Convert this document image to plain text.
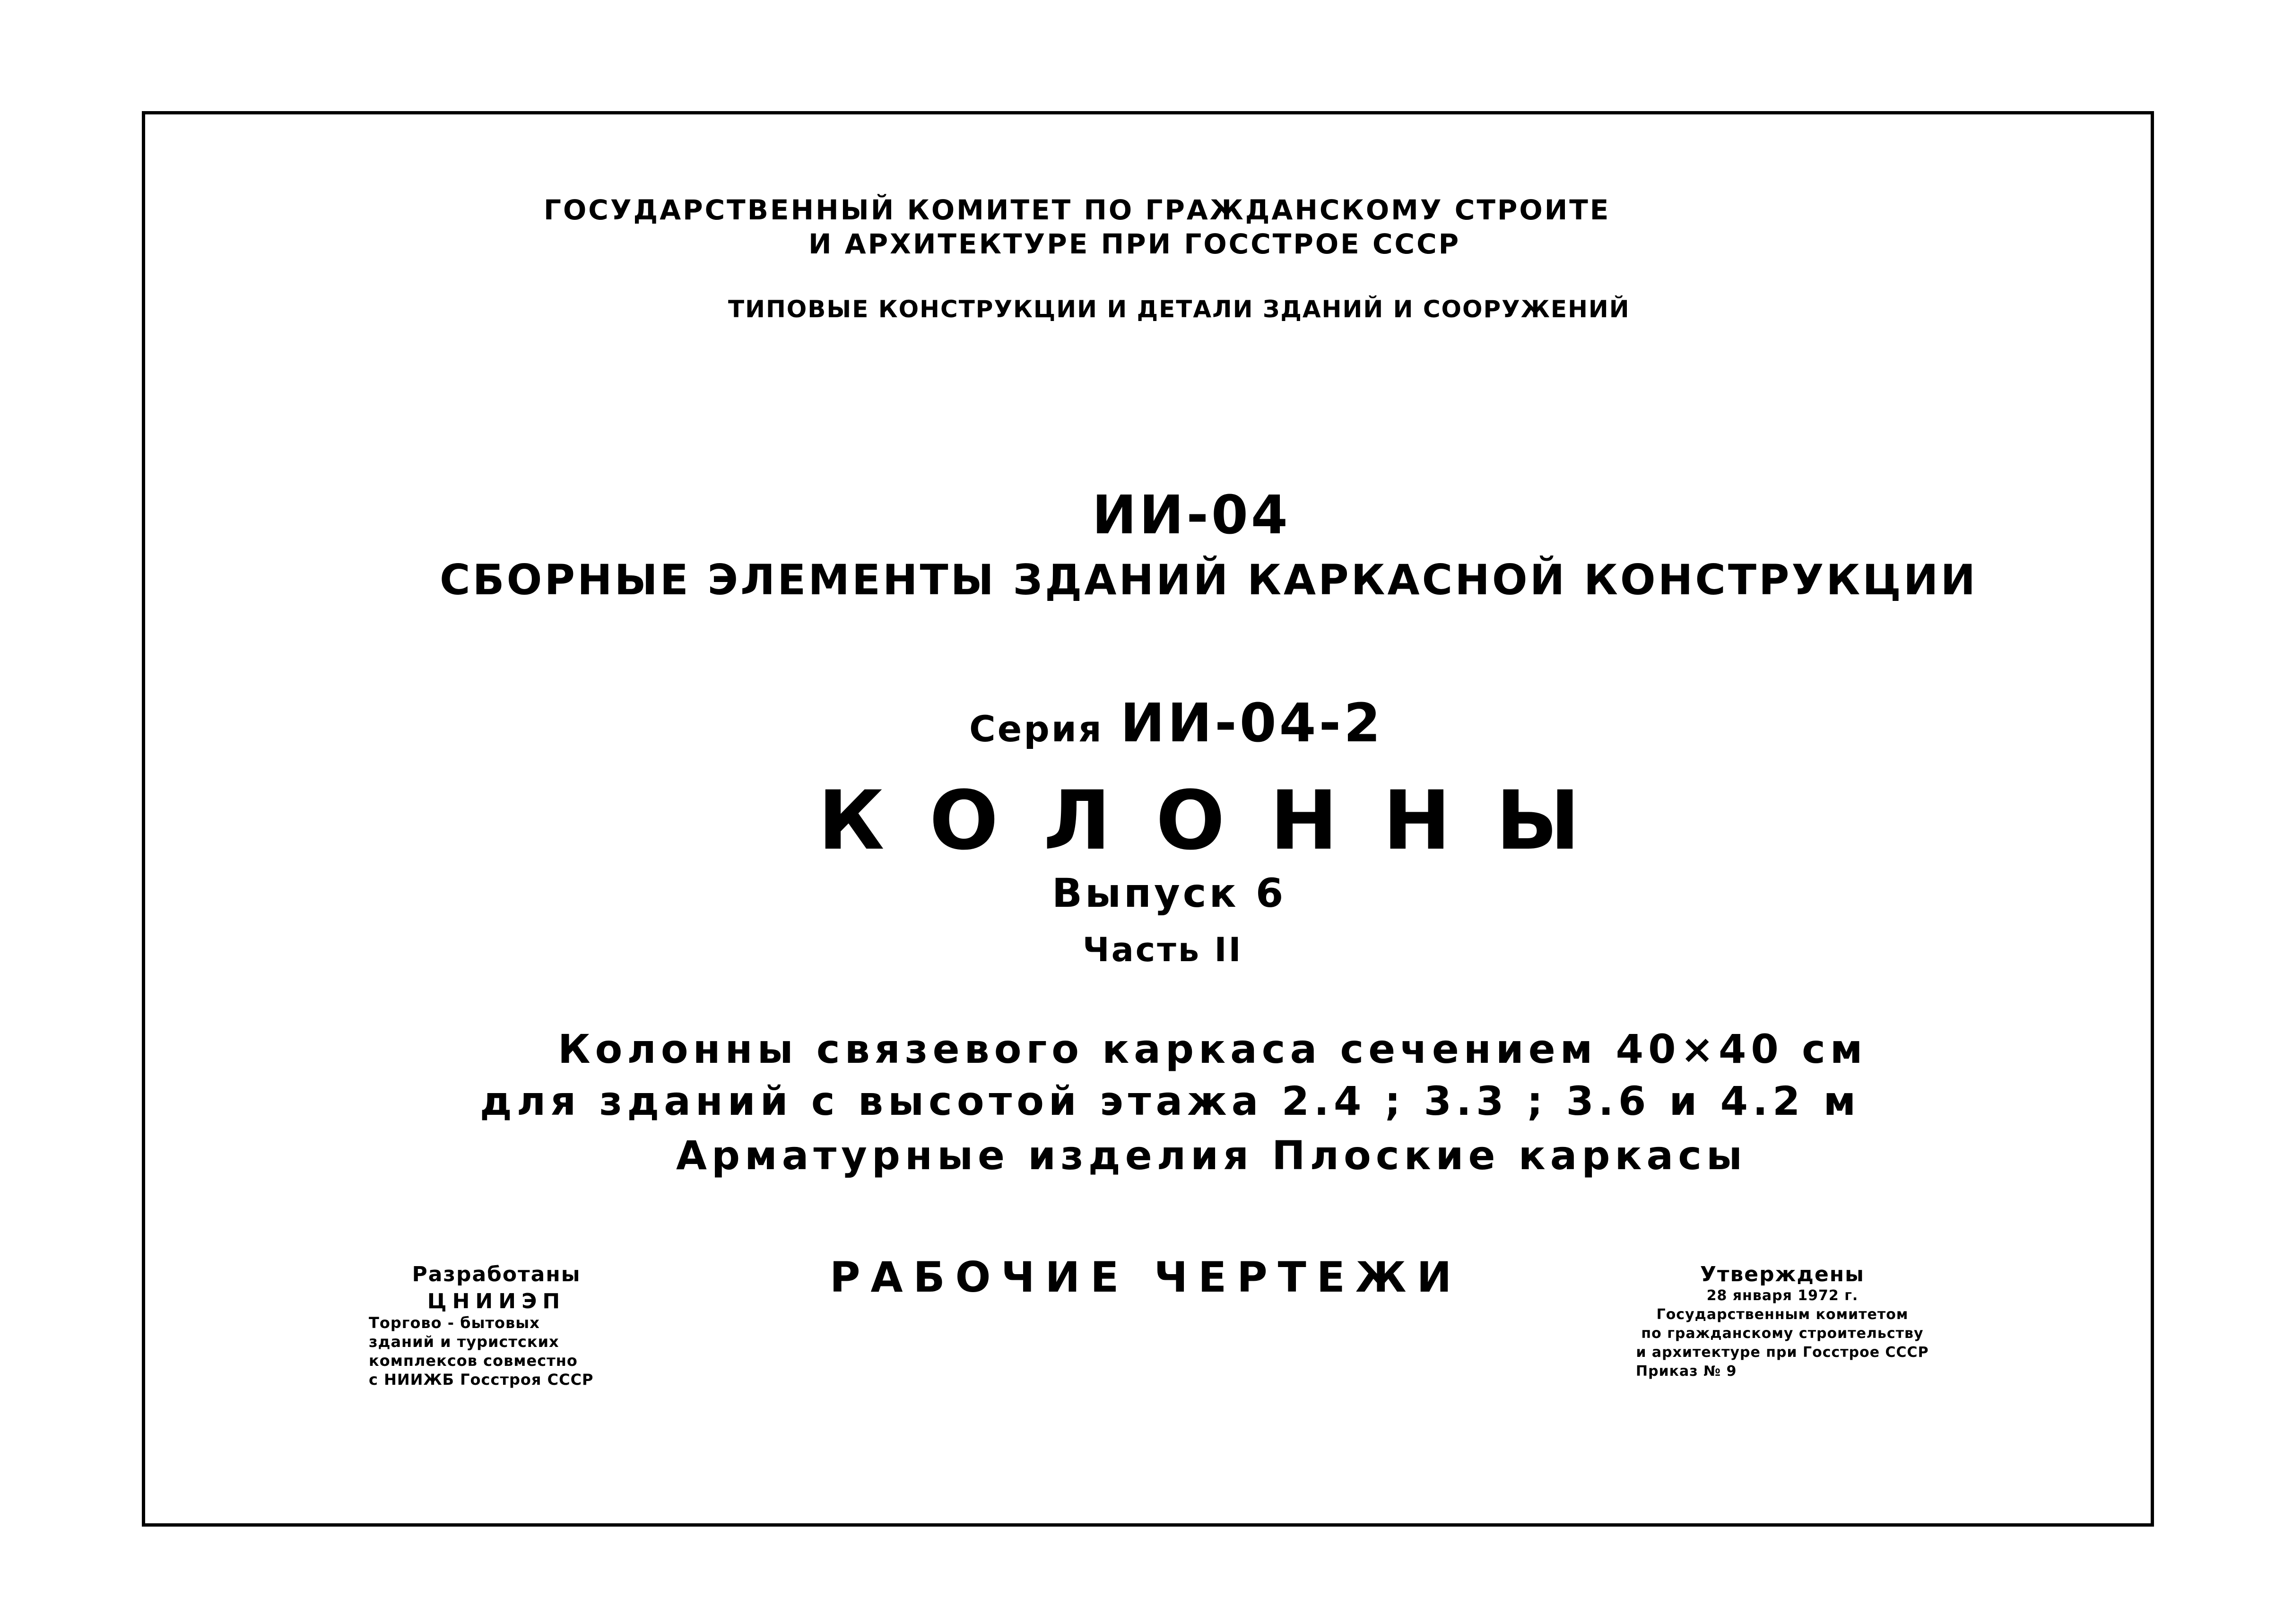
ГОСУДАРСТВЕННЫЙ КОМИТЕТ ПО ГРАЖДАНСКОМУ СТРОИТЕ
И АРХИТЕКТУРЕ ПРИ ГОССТРОЕ СССР
ТИПОВЫЕ КОНСТРУКЦИИ И ДЕТАЛИ ЗДАНИЙ И СООРУЖЕНИЙ
ИИ-04
СБОРНЫЕ ЭЛЕМЕНТЫ ЗДАНИЙ КАРКАСНОЙ КОНСТРУКЦИИ
Серия ИИ-04-2
КОЛОННЫ
Выпуск 6
Часть II
Колонны связевого каркаса сечением 40×40 см
для зданий с высотой этажа 2.4 ; 3.3 ; 3.6 и 4.2 м
Арматурные изделия Плоские каркасы
РАБОЧИЕ ЧЕРТЕЖИ
Разработаны
ЦНИИЭП
Торгово - бытовых
зданий и туристских
комплексов совместно
с НИИЖБ Госстроя СССР
Утверждены
28 января 1972 г.
Государственным комитетом
по гражданскому строительству
и архитектуре при Госстрое СССР
Приказ № 9
